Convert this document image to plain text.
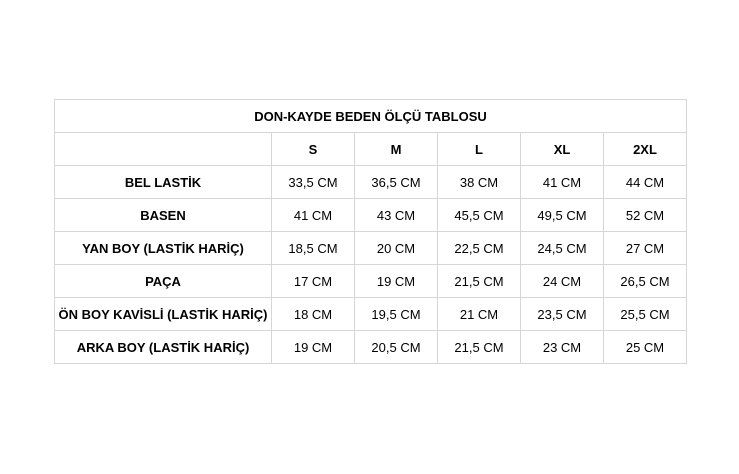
DON-KAYDE BEDEN ÖLÇÜ TABLOSU					
	S	M	L	XL	2XL
BEL LASTİK	33,5 CM	36,5 CM	38 CM	41 CM	44 CM
BASEN	41 CM	43 CM	45,5 CM	49,5 CM	52 CM
YAN BOY (LASTİK HARİÇ)	18,5 CM	20 CM	22,5 CM	24,5 CM	27 CM
PAÇA	17 CM	19 CM	21,5 CM	24 CM	26,5 CM
ÖN BOY KAVİSLİ (LASTİK HARİÇ)	18 CM	19,5 CM	21 CM	23,5 CM	25,5 CM
ARKA BOY (LASTİK HARİÇ)	19 CM	20,5 CM	21,5 CM	23 CM	25 CM
